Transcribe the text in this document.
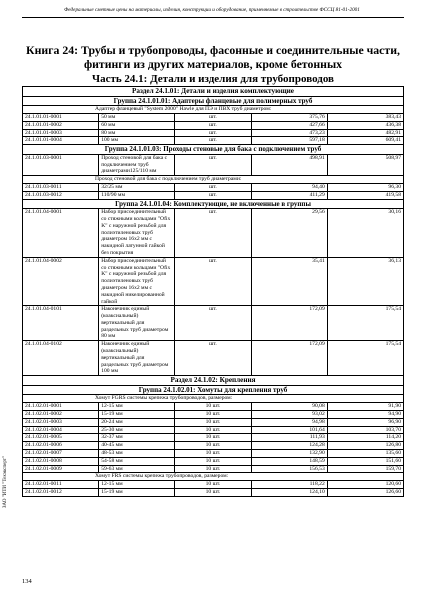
Федеральные сметные цены на материалы, изделия, конструкции и оборудование, применяемые в строительстве ФССЦ 81-01-2001
Книга 24: Трубы и трубопроводы, фасонные и соединительные части,
фитинги из других материалов, кроме бетонных
Часть 24.1: Детали и изделия для трубопроводов
Раздел 24.1.01: Детали и изделия комплектующие				
Группа 24.1.01.01: Адаптеры фланцевые для полимерных труб				
Адаптер фланцевый "System 2000" Hawle для ПЭ и ПВХ труб диаметром:				
24.1.01.01-0001	50 мм	шт.	375,76	383,43
24.1.01.01-0002	60 мм	шт.	427,66	436,38
24.1.01.01-0003	80 мм	шт.	473,23	482,91
24.1.01.01-0004	100 мм	шт.	597,18	609,41
Группа 24.1.01.03: Проходы стеновые для бака с подключением труб				
24.1.01.03-0001	Проход стеновой для бака с подключением труб диаметрами125/110 мм	шт.	498,91	508,97
Проход стеновой для бака с подключением труб диаметрами:				
24.1.01.03-0011	32/25 мм	шт.	94,40	96,30
24.1.01.03-0012	110/90 мм	шт.	411,29	419,58
Группа 24.1.01.04: Комплектующие, не включенные в группы				
24.1.01.04-0001	Набор присоединительный со стяжными кольцами "Ofix K" с наружной резьбой для полиэтиленовых труб диаметром 16х2 мм с накидной латунной гайкой без покрытия	шт.	29,56	30,16
24.1.01.04-0002	Набор присоединительный со стяжными кольцами "Ofix K" с наружной резьбой для полиэтиленовых труб диаметром 16х2 мм с накидной никелированной гайкой	шт.	35,41	36,13
24.1.01.04-0101	Наконечник единый (коаксиальный) вертикальный для раздельных труб диаметром 80 мм	шт.	172,09	175,54
24.1.01.04-0102	Наконечник единый (коаксиальный) вертикальный для раздельных труб диаметром 100 мм	шт.	172,09	175,54
Раздел 24.1.02: Крепления				
Группа 24.1.02.01: Хомуты для крепления труб				
Хомут FGRS системы крепежа трубопроводов, размером:				
24.1.02.01-0001	12-15 мм	10 шт.	90,08	91,90
24.1.02.01-0002	15-19 мм	10 шт.	93,02	94,90
24.1.02.01-0003	20-24 мм	10 шт.	94,98	96,90
24.1.02.01-0004	25-30 мм	10 шт.	101,64	103,70
24.1.02.01-0005	32-37 мм	10 шт.	111,93	114,20
24.1.02.01-0006	40-45 мм	10 шт.	124,28	126,80
24.1.02.01-0007	48-53 мм	10 шт.	132,90	135,60
24.1.02.01-0008	54-58 мм	10 шт.	148,59	151,60
24.1.02.01-0009	59-63 мм	10 шт.	156,53	159,70
Хомут FRS системы крепежа трубопроводов, размером:				
24.1.02.01-0011	12-15 мм	10 шт.	118,22	120,60
24.1.02.01-0012	15-19 мм	10 шт.	124,10	126,60
ЗАО "ИТИ "Техэксперт"
134
